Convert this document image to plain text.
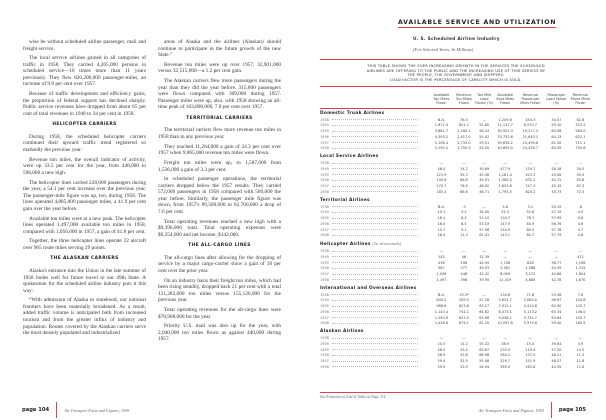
wise be without scheduled airline passenger, mail and freight service.

The local service airlines gained in all categories of traffic in 1958. They carried 4,265,000 persons in scheduled service—10 times more than 11 years previously. They flew 820,200,000 passenger-miles, an increase of 9.8 per cent over 1957.

Because of traffic development and efficiency gains, the proportion of federal support has declined sharply. Public service revenues have dropped from about 65 per cent of total revenues in 1948 to 34 per cent in 1958.

HELICOPTER CARRIERS

During 1958, the scheduled helicopter carriers continued their upward traffic trend registered so markedly the previous year.

Revenue ton miles, the overall indicator of activity, were up 33.5 per cent for the year, from 448,000 to 598,000 a new high.

The helicopter lines carried 228,000 passengers during the year, a 54.1 per cent increase over the previous year. The passenger-mile figure was up, too, during 1958. The lines operated 4,885,000 passenger miles, a 41.9 per cent gain over the year before.

Available ton miles were at a new peak. The helicopter lines operated 1,497,000 available ton miles in 1958, compared with 1,056,000 in 1957, a gain of 41.8 per cent.

Together, the three helicopter lines operate 22 aircraft over 965 route miles serving 29 points.

THE ALASKAN CARRIERS

Alaska's entrance into the Union in the late summer of 1958 bodes well for future travel to our 49th State. A spokesman for the scheduled airline industry puts it this way:

“With admission of Alaska to statehood, our national frontiers have been materially broadened. As a result, added traffic volume is anticipated both from increased tourism and from the greater influx of industry and population. Routes covered by the Alaskan carriers serve the most densely populated and industrialized

areas of Alaska and the airlines (Alaskan) should continue to participate in the future growth of the new State.”

Revenue ton miles were up over 1957, 32,901,000 versus 32,515,000—a 1.2 per cent gain.

The Alaskan carriers flew more passengers during the year than they did the year before. 315,000 passengers were flown compared with 309,000 during 1957. Passenger miles were up, also, with 1958 showing an all-time peak of 163,800,000, 7.8 per cent over 1957.

TERRITORIAL CARRIERS

The territorial carriers flew more revenue ton miles in 1958 than in any previous year.

They reached 11,264,000 a gain of 24.3 per cent over 1957 when 9,065,000 revenue ton miles were flown.

Freight ton miles were up, to 1,587,000 from 1,536,000 a gain of 3.3 per cent.

In scheduled passenger operations, the territorial carriers dropped below the 1957 results. They carried 572,000 passengers in 1958 compared with 589,000 the year before. Similarly, the passenger mile figure was down, from 1957's 89,500,000 to 82,700,000 a drop of 7.6 per cent.

Total operating revenues reached a new high with a $9,396,000 total. Total operating expenses were $9,254,000 and net income, $142,000.

THE ALL-CARGO LINES

The all-cargo lines after allowing for the dropping of service by a major cargo-carrier show a gain of 18 per cent over the prior year.

On an industry basis their freight ton miles, which had been rising steadily, dropped back 21 per cent with a total 121,282,000 ton miles versus 155,126,000 for the previous year.

Total operating revenues for the all-cargo lines were $78,908,000 for the year.

Priority U.S. mail was also up for the year, with 2,040,000 ton miles flown as against 440,000 during 1957.

page 104	Air Transport Facts and Figures, 1959
AVAILABLE SERVICE AND UTILIZATION
U. S. Scheduled Airline Industry
(For Selected Years, In Millions)
THIS TABLE SHOWS THE EVER INCREASING GROWTH IN THE SERVICES THE SCHEDULED
AIRLINES ARE OFFERING TO THE PUBLIC AND THE INCREASING USE OF THIS SERVICE BY
THE PEOPLE, THE GOVERNMENT AND SHIPPERS.
LOAD FACTOR IS THE PERCENTAGE OF CAPACITY WHICH IS SOLD.
	Available Ton Miles Flown	Revenue Ton Miles Flown	Ton Mile Load Factor (%)	Available Seat Miles Flown	Revenue Passenger Miles Flown	Passenger Load Factor (%)	Revenue Plane Miles Flown
Domestic Trunk Airlines							
1938	N.A.	76.5	—	1,209.6	454.3	34.07	82.8
1949	1,617.4	801.2	52.80	11,117.7	6,570.7	59.10	323.2
1955	3,881.7	2,160.1	58.43	30,501.3	19,217.2	64.06	564.0
1956	4,393.2	2,417.0	55.02	33,752.6	21,643.1	64.13	622.1
1957	5,106.4	2,733.0	53.51	39,838.2	24,499.6	61.50	711.1
1958	5,190.2	2,750.9	53.00	40,695.0	24,435.7	60.39	705.6
Local Service Airlines							
1938	—	—	—	—	—	—	—
1949	46.4	14.2	30.69	477.9	134.7	28.18	34.0
1955	121.9	55.3	45.36	1,161.4	523.3	45.06	50.9
1956	145.6	66.8	45.91	1,385.0	632.2	45.72	55.8
1957	170.7	78.5	46.00	1,653.8	747.3	45.19	67.3
1958	185.4	86.6	46.71	1,793.5	820.2	45.73	72.5
Territorial Airlines							
1938	N.A.	.3	—	5.8	3.1	54.19	.8
1949	15.1	5.2	34.40	91.3	52.6	57.19	4.5
1955	16.1	8.4	52.10	134.7	78.1	57.99	4.6
1956	16.0	8.5	53.03	147.9	83.9	56.76	4.6
1957	15.7	9.1	57.96	154.9	89.5	57.76	4.7
1958	18.4	11.3	61.41	143.1	82.7	57.79	4.8
Helicopter Airlines (In thousands)							
1938	—	—	—	—	—	—	—
1949	142	46	32.39	—	—	—	412
1955	436	196	44.95	1,708	628	36.77	1,198
1956	567	277	49.03	3,561	1,588	44.59	1,315
1957	1,056	448	42.42	8,099	3,272	40.66	1,604
1958	1,497	598	39.95	11,419	4,885	42.78	1,670
International and Overseas Airlines							
1938	N.A.	19.3*	—	134.6	71.8	53.36	7.6
1949	640.2	309.5	57.28	3,624.7	2,084.0	56.67	104.8
1955	986.6	623.8	63.27	7,012.1	4,410.8	62.90	133.7
1956	1,143.4	741.2	64.82	8,073.1	5,113.2	63.34	146.0
1957	1,292.9	827.0	63.96	9,038.1	5,751.7	63.64	155.7
1958	1,426.6	875.1	61.20	10,097.6	5,974.6	59.40	165.5
Alaskan Airlines							
1938	—	—	—	—	—	—	—
1949	20.3	11.2	55.32	38.9	15.4	39.64	3.9
1955	46.3	29.4	63.87	233.9	110.4	47.20	10.5
1956	46.9	31.8	66.98	284.1	137.0	48.21	11.3
1957	59.4	32.5	55.08	329.7	151.9	46.07	11.8
1958	59.9	32.9	54.94	369.0	163.8	44.39	11.8
See Footnotes at End of Table on Page 114
Air Transport Facts and Figures, 1959	page 105
